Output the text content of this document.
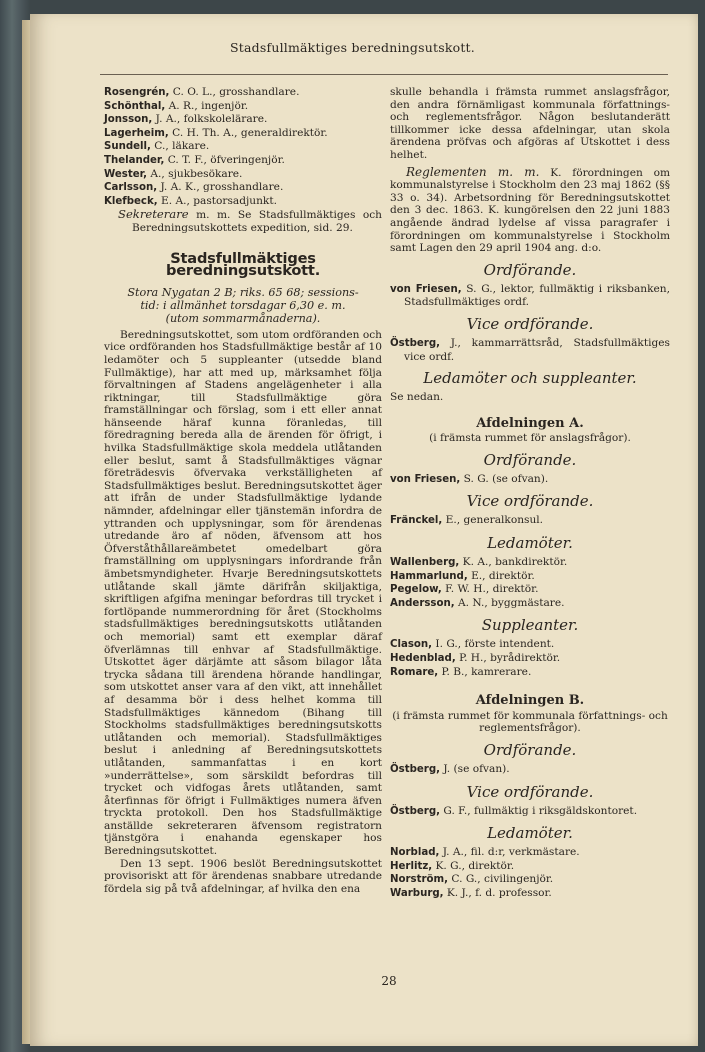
Stadsfullmäktiges beredningsutskott.
Rosengrén, C. O. L., grosshandlare.
Schönthal, A. R., ingenjör.
Jonsson, J. A., folkskolelärare.
Lagerheim, C. H. Th. A., generaldirektör.
Sundell, C., läkare.
Thelander, C. T. F., öfveringenjör.
Wester, A., sjukbesökare.
Carlsson, J. A. K., grosshandlare.
Klefbeck, E. A., pastorsadjunkt.
Sekreterare m. m. Se Stadsfullmäktiges och Beredningsutskottets expedition, sid. 29.
Stadsfullmäktiges beredningsutskott.
Stora Nygatan 2 B; riks. 65 68; sessions-
tid: i allmänhet torsdagar 6,30 e. m.
(utom sommarmånaderna).
Beredningsutskottet, som utom ordföranden och vice ordföranden hos Stadsfullmäktige består af 10 ledamöter och 5 suppleanter (utsedde bland Fullmäktige), har att med up, märksamhet följa förvaltningen af Stadens angelägenheter i alla riktningar, till Stadsfullmäktige göra framställningar och förslag, som i ett eller annat hänseende häraf kunna föranledas, till föredragning bereda alla de ärenden för öfrigt, i hvilka Stadsfullmäktige skola meddela utlåtanden eller beslut, samt å Stadsfullmäktiges vägnar företrädesvis öfvervaka verkställigheten af Stadsfullmäktiges beslut. Beredningsutskottet äger att ifrån de under Stadsfullmäktige lydande nämnder, afdelningar eller tjänstemän infordra de yttranden och upplysningar, som för ärendenas utredande äro af nöden, äfvensom att hos Öfverståthållareämbetet omedelbart göra framställning om upplysningars infordrande från ämbetsmyndigheter. Hvarje Beredningsutskottets utlåtande skall jämte därifrån skiljaktiga, skriftligen afgifna meningar befordras till trycket i fortlöpande nummerordning för året (Stockholms stadsfullmäktiges beredningsutskotts utlåtanden och memorial) samt ett exemplar däraf öfverlämnas till enhvar af Stadsfullmäktige. Utskottet äger därjämte att såsom bilagor låta trycka sådana till ärendena hörande handlingar, som utskottet anser vara af den vikt, att innehållet af desamma bör i dess helhet komma till Stadsfullmäktiges kännedom (Bihang till Stockholms stadsfullmäktiges beredningsutskotts utlåtanden och memorial). Stadsfullmäktiges beslut i anledning af Beredningsutskottets utlåtanden, sammanfattas i en kort »underrättelse», som särskildt befordras till trycket och vidfogas årets utlåtanden, samt återfinnas för öfrigt i Fullmäktiges numera äfven tryckta protokoll. Den hos Stadsfullmäktige anställde sekreteraren äfvensom registratorn tjänstgöra i enahanda egenskaper hos Beredningsutskottet.
Den 13 sept. 1906 beslöt Beredningsutskottet provisoriskt att för ärendenas snabbare utredande fördela sig på två afdelningar, af hvilka den ena
skulle behandla i främsta rummet anslagsfrågor, den andra förnämligast kommunala författnings- och reglementsfrågor. Någon beslutanderätt tillkommer icke dessa afdelningar, utan skola ärendena pröfvas och afgöras af Utskottet i dess helhet.
Reglementen m. m. K. förordningen om kommunalstyrelse i Stockholm den 23 maj 1862 (§§ 33 o. 34). Arbetsordning för Beredningsutskottet den 3 dec. 1863. K. kungörelsen den 22 juni 1883 angående ändrad lydelse af vissa paragrafer i förordningen om kommunalstyrelse i Stockholm samt Lagen den 29 april 1904 ang. d:o.
Ordförande.
von Friesen, S. G., lektor, fullmäktig i riksbanken, Stadsfullmäktiges ordf.
Vice ordförande.
Östberg, J., kammarrättsråd, Stadsfullmäktiges vice ordf.
Ledamöter och suppleanter.
Se nedan.
Afdelningen A.
(i främsta rummet för anslagsfrågor).
Ordförande.
von Friesen, S. G. (se ofvan).
Vice ordförande.
Fränckel, E., generalkonsul.
Ledamöter.
Wallenberg, K. A., bankdirektör.
Hammarlund, E., direktör.
Pegelow, F. W. H., direktör.
Andersson, A. N., byggmästare.
Suppleanter.
Clason, I. G., förste intendent.
Hedenblad, P. H., byrådirektör.
Romare, P. B., kamrerare.
Afdelningen B.
(i främsta rummet för kommunala författnings- och reglementsfrågor).
Ordförande.
Östberg, J. (se ofvan).
Vice ordförande.
Östberg, G. F., fullmäktig i riksgäldskontoret.
Ledamöter.
Norblad, J. A., fil. d:r, verkmästare.
Herlitz, K. G., direktör.
Norström, C. G., civilingenjör.
Warburg, K. J., f. d. professor.
28
